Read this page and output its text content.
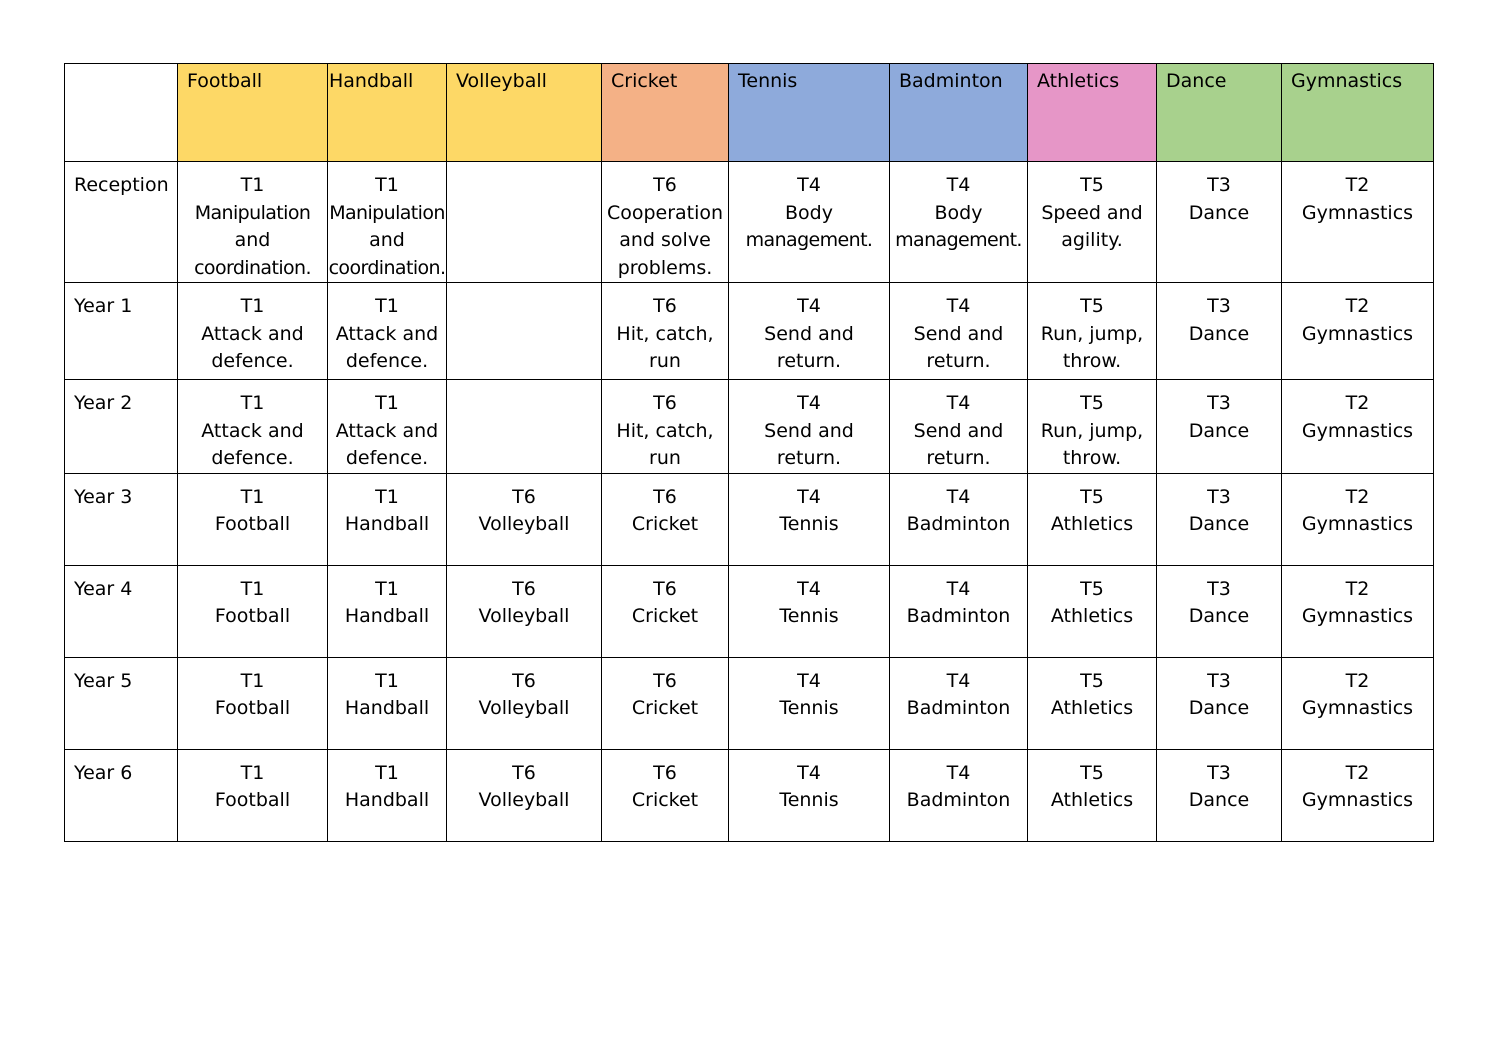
	Football	Handball	Volleyball	Cricket	Tennis	Badminton	Athletics	Dance	Gymnastics
Reception	T1
Manipulation
and
coordination.	T1
Manipulation
and
coordination.		T6
Cooperation
and solve
problems.	T4
Body
management.	T4
Body
management.	T5
Speed and
agility.	T3
Dance	T2
Gymnastics

Year 1	T1
Attack and
defence.	T1
Attack and
defence.		T6
Hit, catch,
run	T4
Send and
return.	T4
Send and
return.	T5
Run, jump,
throw.	T3
Dance	T2
Gymnastics

Year 2	T1
Attack and
defence.	T1
Attack and
defence.		T6
Hit, catch,
run	T4
Send and
return.	T4
Send and
return.	T5
Run, jump,
throw.	T3
Dance	T2
Gymnastics

Year 3	T1
Football	T1
Handball	T6
Volleyball	T6
Cricket	T4
Tennis	T4
Badminton	T5
Athletics	T3
Dance	T2
Gymnastics

Year 4	T1
Football	T1
Handball	T6
Volleyball	T6
Cricket	T4
Tennis	T4
Badminton	T5
Athletics	T3
Dance	T2
Gymnastics

Year 5	T1
Football	T1
Handball	T6
Volleyball	T6
Cricket	T4
Tennis	T4
Badminton	T5
Athletics	T3
Dance	T2
Gymnastics

Year 6	T1
Football	T1
Handball	T6
Volleyball	T6
Cricket	T4
Tennis	T4
Badminton	T5
Athletics	T3
Dance	T2
Gymnastics
